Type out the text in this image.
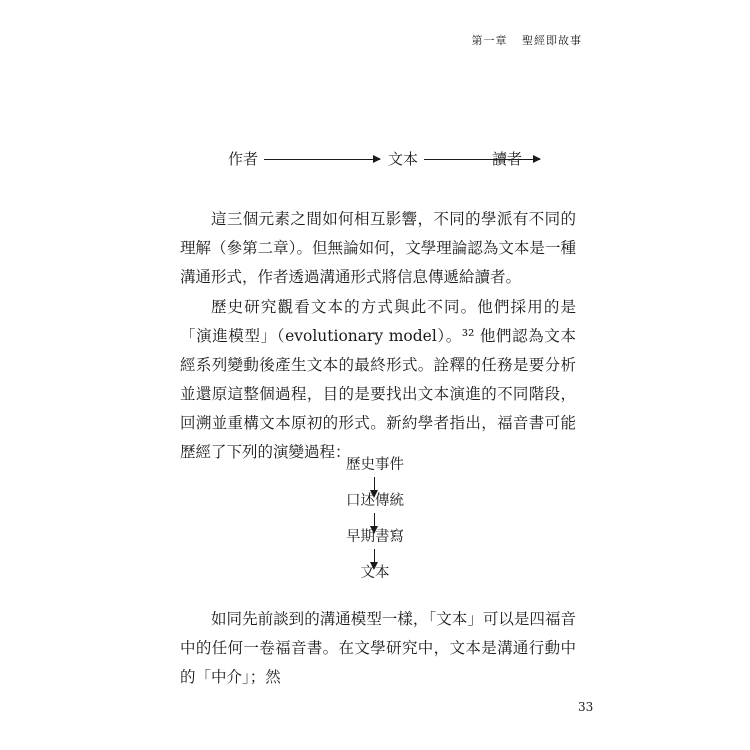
第一章 聖經即故事
作者	文本	讀者

這三個元素之間如何相互影響，不同的學派有不同的理解（參第二章）。但無論如何，文學理論認為文本是一種溝通形式，作者透過溝通形式將信息傳遞給讀者。

歷史研究觀看文本的方式與此不同。他們採用的是「演進模型」（evolutionary model）。³² 他們認為文本經系列變動後產生文本的最終形式。詮釋的任務是要分析並還原這整個過程，目的是要找出文本演進的不同階段，回溯並重構文本原初的形式。新約學者指出，福音書可能歷經了下列的演變過程：

歷史事件
口述傳統
早期書寫
文本

如同先前談到的溝通模型一樣，「文本」可以是四福音中的任何一卷福音書。在文學研究中，文本是溝通行動中的「中介」；然

33
